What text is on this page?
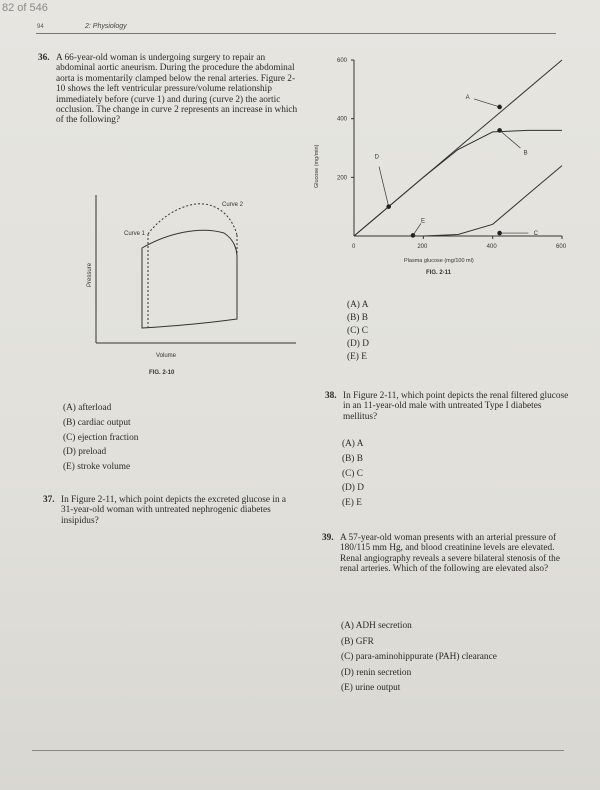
82 of 546
94	2: Physiology
36. A 66-year-old woman is undergoing surgery to repair an abdominal aortic aneurism. During the procedure the abdominal aorta is momentarily clamped below the renal arteries. Figure 2-10 shows the left ventricular pressure/volume relationship immediately before (curve 1) and during (curve 2) the aortic occlusion. The change in curve 2 represents an increase in which of the following?

Curve 1
Curve 2
Pressure
Volume
FIG. 2-10
(A) afterload
(B) cardiac output
(C) ejection fraction
(D) preload
(E) stroke volume
37. In Figure 2-11, which point depicts the excreted glucose in a 31-year-old woman with untreated nephrogenic diabetes insipidus?

Glucose (mg/min)
Plasma glucose (mg/100 ml)
0	200	400	600
200
400
600
A
B
C
D
E
FIG. 2-11
(A) A
(B) B
(C) C
(D) D
(E) E
38. In Figure 2-11, which point depicts the renal filtered glucose in an 11-year-old male with untreated Type I diabetes mellitus?

(A) A
(B) B
(C) C
(D) D
(E) E
39. A 57-year-old woman presents with an arterial pressure of 180/115 mm Hg, and blood creatinine levels are elevated. Renal angiography reveals a severe bilateral stenosis of the renal arteries. Which of the following are elevated also?

(A) ADH secretion
(B) GFR
(C) para-aminohippurate (PAH) clearance
(D) renin secretion
(E) urine output
